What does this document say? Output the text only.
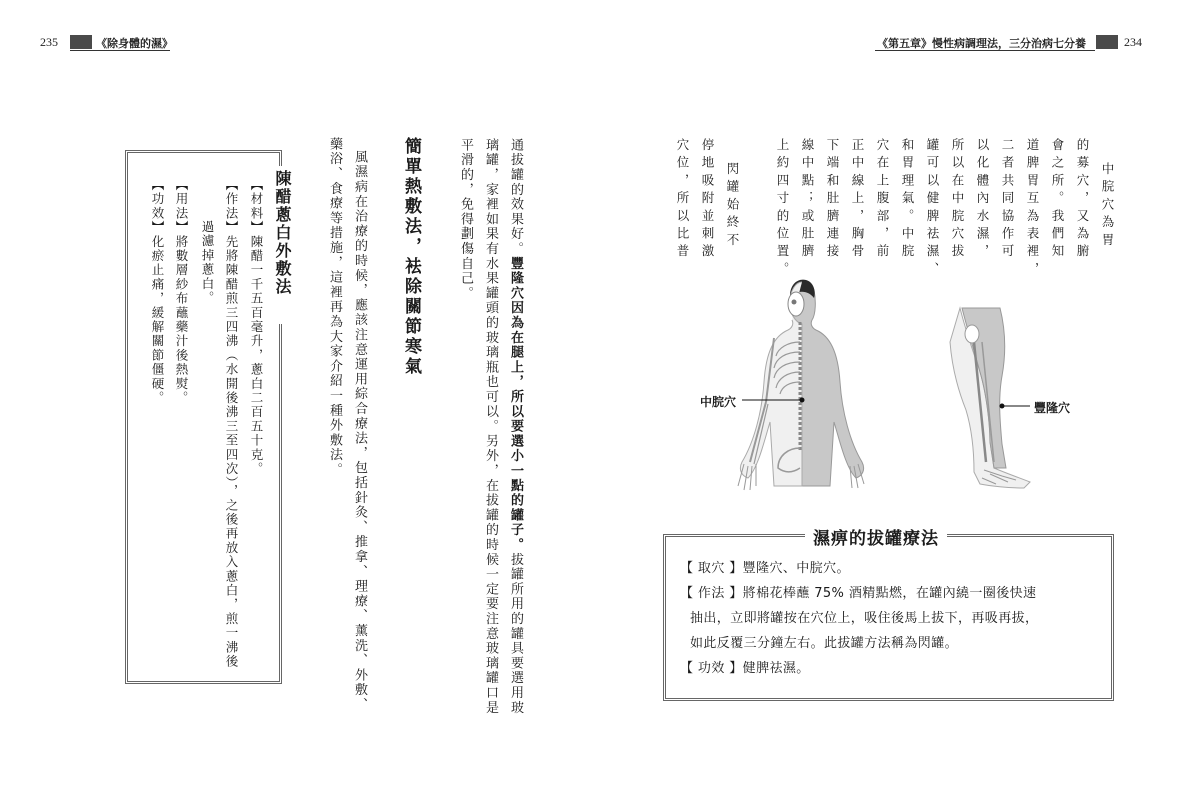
235	《除身體的濕》	《第五章》慢性病調理法，三分治病七分養	234
通拔罐的效果好。豐隆穴因為在腿上，所以要選小一點的罐子。拔罐所用的罐具要選用玻
璃罐，家裡如果有水果罐頭的玻璃瓶也可以。另外，在拔罐的時候一定要注意玻璃罐口是
平滑的，免得劃傷自己。
簡單熱敷法，袪除關節寒氣
風濕病在治療的時候，應該注意運用綜合療法，包括針灸、推拿、理療、薰洗、外敷、
藥浴、食療等措施，這裡再為大家介紹一種外敷法。
陳醋蔥白外敷法
【材料】陳醋一千五百毫升，蔥白二百五十克。
【作法】先將陳醋煎三四沸（水開後沸三至四次），之後再放入蔥白，煎一沸後
過濾掉蔥白。
【用法】將數層紗布蘸藥汁後熱熨。
【功效】化瘀止痛，緩解關節僵硬。	中脘穴為胃
的募穴，又為腑
會之所。我們知
道脾胃互為表裡，
二者共同協作可
以化體內水濕，
所以在中脘穴拔
罐可以健脾祛濕、
和胃理氣。中脘
穴在上腹部，前
正中線上，胸骨
下端和肚臍連接
線中點；或肚臍
上約四寸的位置。
閃罐始終不
停地吸附並刺激
穴位，所以比普
中脘穴	豐隆穴
濕痹的拔罐療法
【 取穴 】豐隆穴、中脘穴。
【 作法 】將棉花棒蘸 75% 酒精點燃，在罐內繞一圈後快速
抽出，立即將罐按在穴位上，吸住後馬上拔下，再吸再拔，
如此反覆三分鐘左右。此拔罐方法稱為閃罐。
【 功效 】健脾祛濕。
